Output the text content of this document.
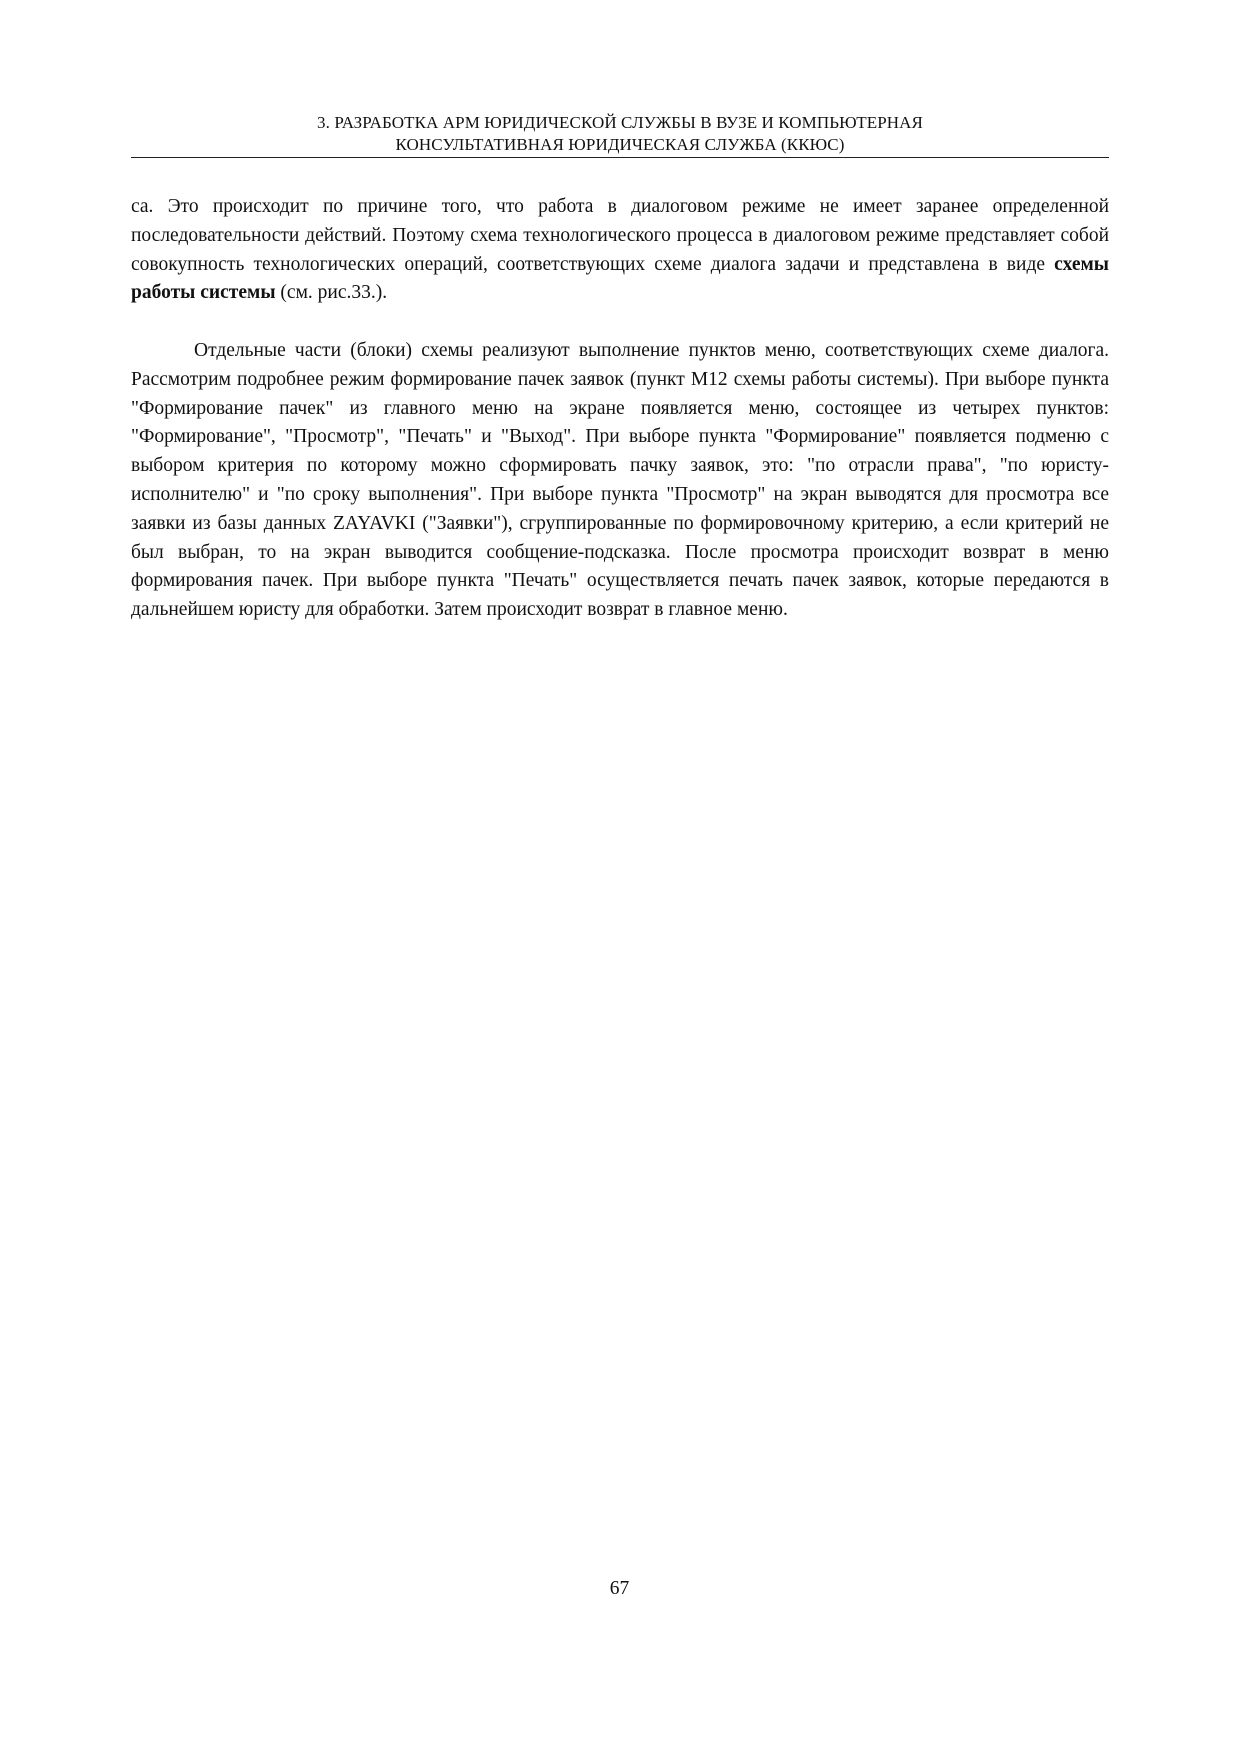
3. РАЗРАБОТКА АРМ ЮРИДИЧЕСКОЙ СЛУЖБЫ В ВУЗЕ И КОМПЬЮТЕРНАЯ
КОНСУЛЬТАТИВНАЯ ЮРИДИЧЕСКАЯ СЛУЖБА (ККЮС)

са. Это происходит по причине того, что работа в диалоговом режиме не имеет заранее определенной последовательности действий. Поэтому схема технологического процесса в диалоговом режиме представляет собой совокупность технологических операций, соответствующих схеме диалога задачи и представлена в виде схемы работы системы (см. рис.33.).

Отдельные части (блоки) схемы реализуют выполнение пунктов меню, соответствующих схеме диалога. Рассмотрим подробнее режим формирование пачек заявок (пункт М12 схемы работы системы). При выборе пункта "Формирование пачек" из главного меню на экране появляется меню, состоящее из четырех пунктов: "Формирование", "Просмотр", "Печать" и "Выход". При выборе пункта "Формирование" появляется подменю с выбором критерия по которому можно сформировать пачку заявок, это: "по отрасли права", "по юристу-исполнителю" и "по сроку выполнения". При выборе пункта "Просмотр" на экран выводятся для просмотра все заявки из базы данных ZAYAVKI ("Заявки"), сгруппированные по формировочному критерию, а если критерий не был выбран, то на экран выводится сообщение-подсказка. После просмотра происходит возврат в меню формирования пачек. При выборе пункта "Печать" осуществляется печать пачек заявок, которые передаются в дальнейшем юристу для обработки. Затем происходит возврат в главное меню.

67
